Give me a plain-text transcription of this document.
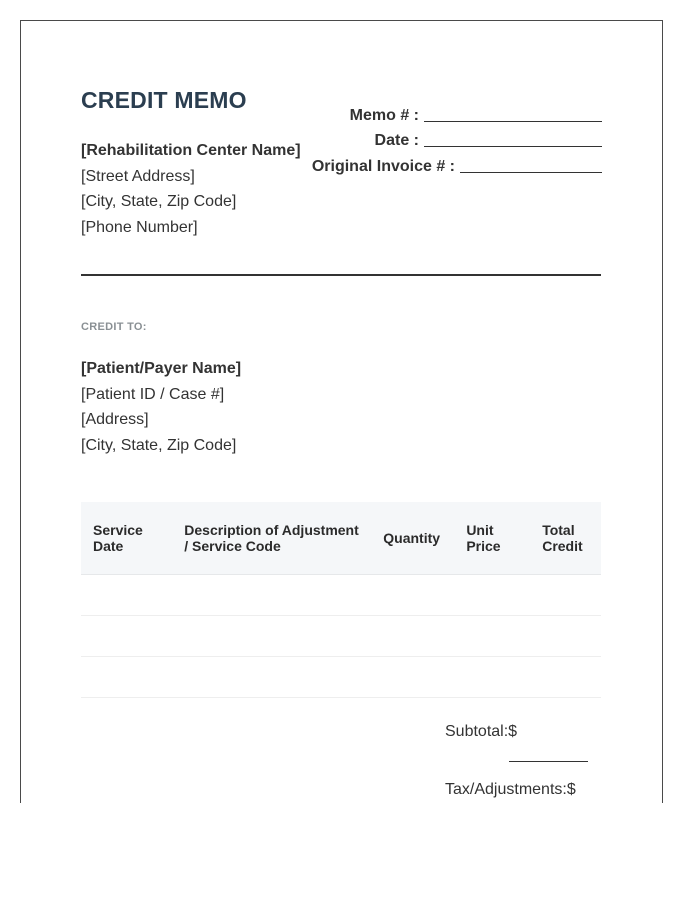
CREDIT MEMO
[Rehabilitation Center Name]
[Street Address]
[City, State, Zip Code]
[Phone Number]
Memo # :
Date :
Original Invoice # :
CREDIT TO:
[Patient/Payer Name]
[Patient ID / Case #]
[Address]
[City, State, Zip Code]
Service Date	Description of Adjustment / Service Code	Quantity	Unit Price	Total Credit

Subtotal:$
Tax/Adjustments:$
